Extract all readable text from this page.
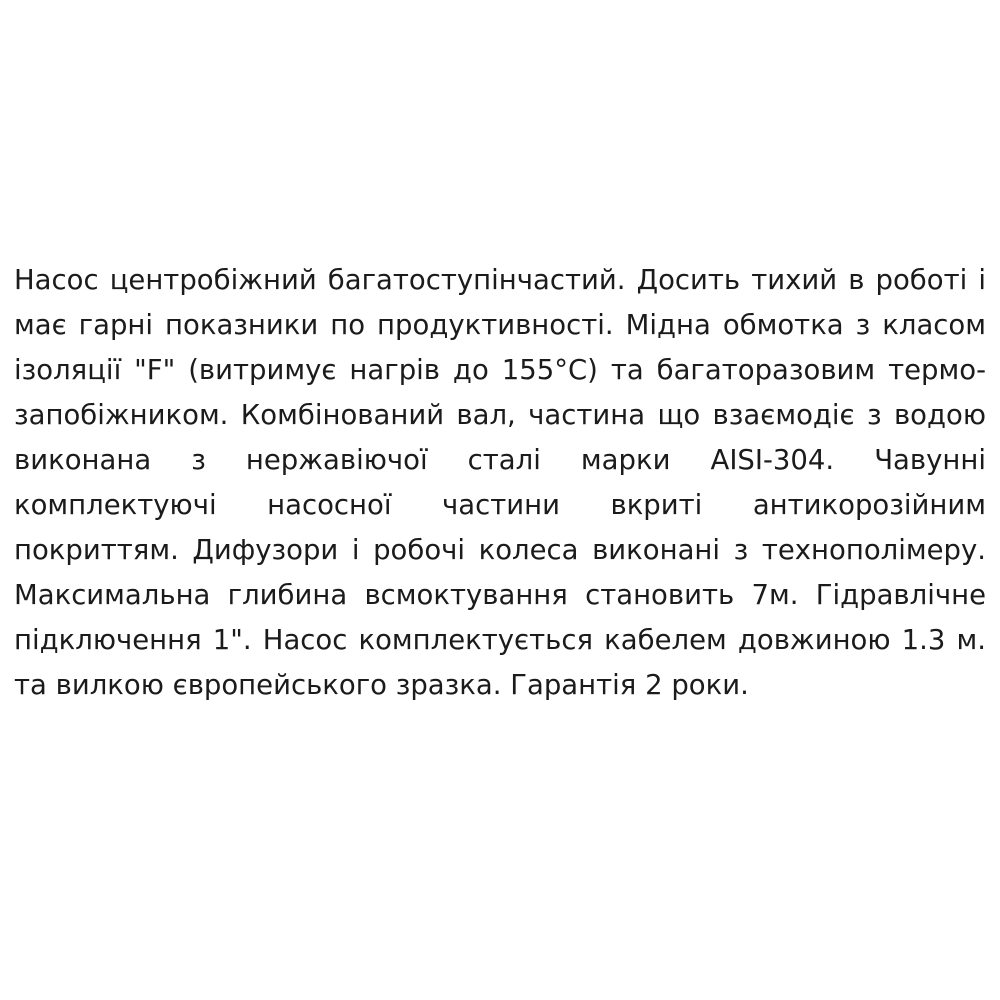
Насос центробіжний багатоступінчастий. Досить тихий в роботі і має гарні показники по продуктивності. Мідна обмотка з класом ізоляції "F" (витримує нагрів до 155°C) та багаторазовим термо-запобіжником. Комбінований вал, частина що взаємодіє з водою виконана з нержавіючої сталі марки AISI-304. Чавунні комплектуючі насосної частини вкриті антикорозійним покриттям. Дифузори і робочі колеса виконані з технополімеру. Максимальна глибина всмоктування становить 7м. Гідравлічне підключення 1". Насос комплектується кабелем довжиною 1.3 м. та вилкою європейського зразка. Гарантія 2 роки.
